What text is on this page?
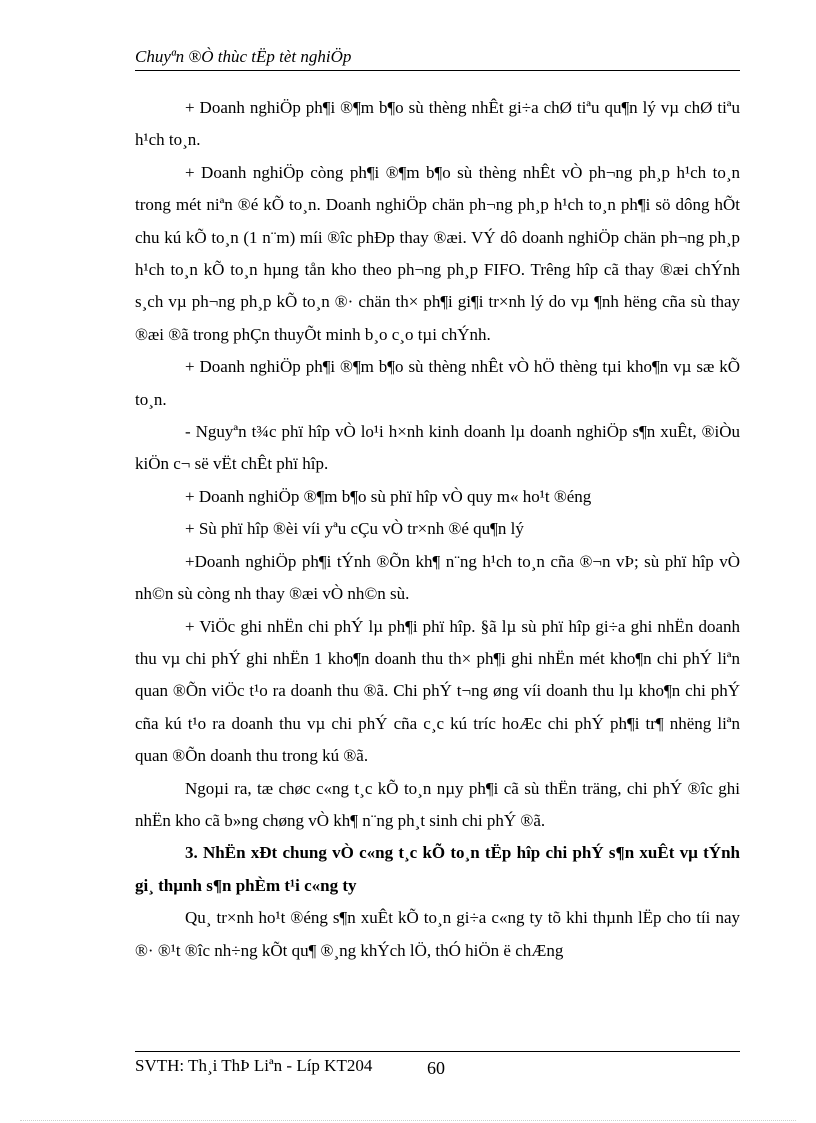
Chuyªn ®Ò thùc tËp tèt nghiÖp

+ Doanh nghiÖp ph¶i ®¶m b¶o sù thèng nhÊt gi÷a chØ tiªu qu¶n lý vµ chØ tiªu h¹ch to¸n.

+ Doanh nghiÖp còng ph¶i ®¶m b¶o sù thèng nhÊt vÒ ph¬ng ph¸p h¹ch to¸n trong mét niªn ®é kÕ to¸n. Doanh nghiÖp chän ph¬ng ph¸p h¹ch to¸n ph¶i sö dông hÕt chu kú kÕ to¸n (1 n¨m) míi ®îc phÐp thay ®æi. VÝ dô doanh nghiÖp chän ph¬ng ph¸p h¹ch to¸n kÕ to¸n hµng tån kho theo ph¬ng ph¸p FIFO. Trêng hîp cã thay ®æi chÝnh s¸ch vµ ph¬ng ph¸p kÕ to¸n ®· chän th× ph¶i gi¶i tr×nh lý do vµ ¶nh hëng cña sù thay ®æi ®ã trong phÇn thuyÕt minh b¸o c¸o tµi chÝnh.

+ Doanh nghiÖp ph¶i ®¶m b¶o sù thèng nhÊt vÒ hÖ thèng tµi kho¶n vµ sæ kÕ to¸n.

- Nguyªn t¾c phï hîp vÒ lo¹i h×nh kinh doanh lµ doanh nghiÖp s¶n xuÊt, ®iÒu kiÖn c¬ së vËt chÊt phï hîp.

+ Doanh nghiÖp ®¶m b¶o sù phï hîp vÒ quy m« ho¹t ®éng

+ Sù phï hîp ®èi víi yªu cÇu vÒ tr×nh ®é qu¶n lý

+Doanh nghiÖp ph¶i tÝnh ®Õn kh¶ n¨ng h¹ch to¸n cña ®¬n vÞ; sù phï hîp vÒ nh©n sù còng nh thay ®æi vÒ nh©n sù.

+ ViÖc ghi nhËn chi phÝ lµ ph¶i phï hîp. §ã lµ sù phï hîp gi÷a ghi nhËn doanh thu vµ chi phÝ ghi nhËn 1 kho¶n doanh thu th× ph¶i ghi nhËn mét kho¶n chi phÝ liªn quan ®Õn viÖc t¹o ra doanh thu ®ã. Chi phÝ t¬ng øng víi doanh thu lµ kho¶n chi phÝ cña kú t¹o ra doanh thu vµ chi phÝ cña c¸c kú tríc hoÆc chi phÝ ph¶i tr¶ nhëng liªn quan ®Õn doanh thu trong kú ®ã.

Ngoµi ra, tæ chøc c«ng t¸c kÕ to¸n nµy ph¶i cã sù thËn träng, chi phÝ ®îc ghi nhËn kho cã b»ng chøng vÒ kh¶ n¨ng ph¸t sinh chi phÝ ®ã.

3. NhËn xÐt chung vÒ c«ng t¸c kÕ to¸n tËp hîp chi phÝ s¶n xuÊt vµ tÝnh gi¸ thµnh s¶n phÈm t¹i c«ng ty

Qu¸ tr×nh ho¹t ®éng s¶n xuÊt kÕ to¸n gi÷a c«ng ty tõ khi thµnh lËp cho tíi nay ®· ®¹t ®îc nh÷ng kÕt qu¶ ®¸ng khÝch lÖ, thÓ hiÖn ë chÆng

SVTH: Th¸i ThÞ Liªn - Líp KT204	60
